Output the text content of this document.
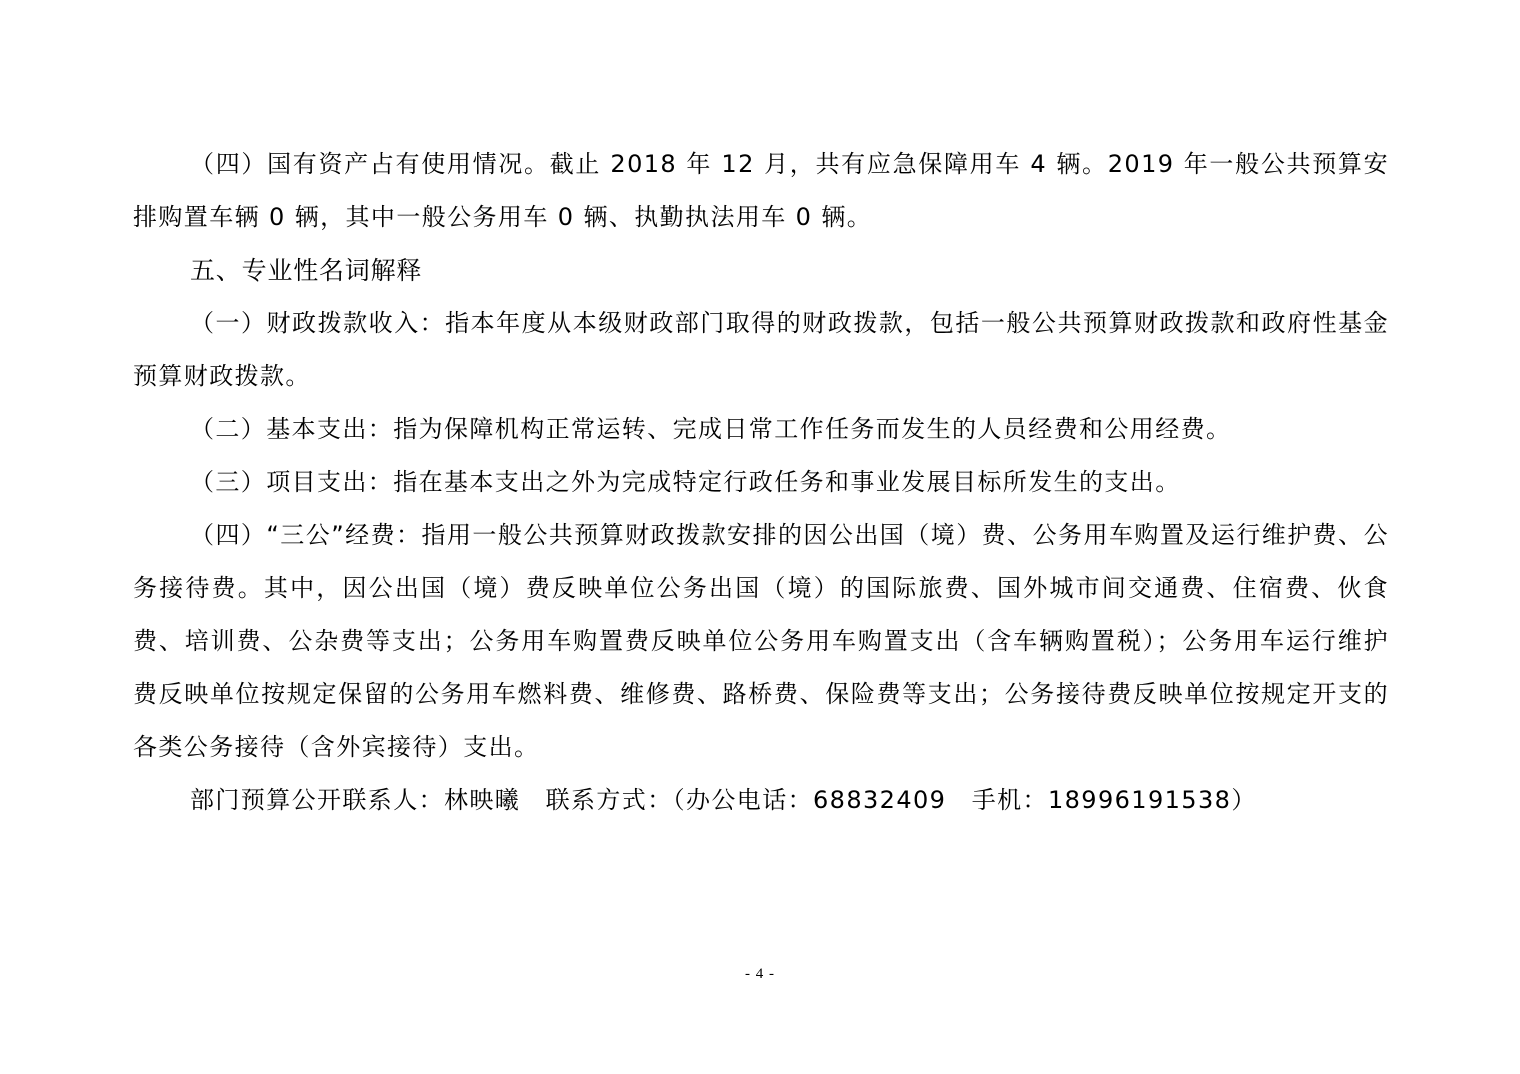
（四）国有资产占有使用情况。截止 2018 年 12 月，共有应急保障用车 4 辆。2019 年一般公共预算安排购置车辆 0 辆，其中一般公务用车 0 辆、执勤执法用车 0 辆。

五、专业性名词解释

（一）财政拨款收入：指本年度从本级财政部门取得的财政拨款，包括一般公共预算财政拨款和政府性基金预算财政拨款。

（二）基本支出：指为保障机构正常运转、完成日常工作任务而发生的人员经费和公用经费。

（三）项目支出：指在基本支出之外为完成特定行政任务和事业发展目标所发生的支出。

（四）“三公”经费：指用一般公共预算财政拨款安排的因公出国（境）费、公务用车购置及运行维护费、公务接待费。其中，因公出国（境）费反映单位公务出国（境）的国际旅费、国外城市间交通费、住宿费、伙食费、培训费、公杂费等支出；公务用车购置费反映单位公务用车购置支出（含车辆购置税）；公务用车运行维护费反映单位按规定保留的公务用车燃料费、维修费、路桥费、保险费等支出；公务接待费反映单位按规定开支的各类公务接待（含外宾接待）支出。

部门预算公开联系人：林映曦　联系方式：（办公电话：68832409　手机：18996191538）

- 4 -
